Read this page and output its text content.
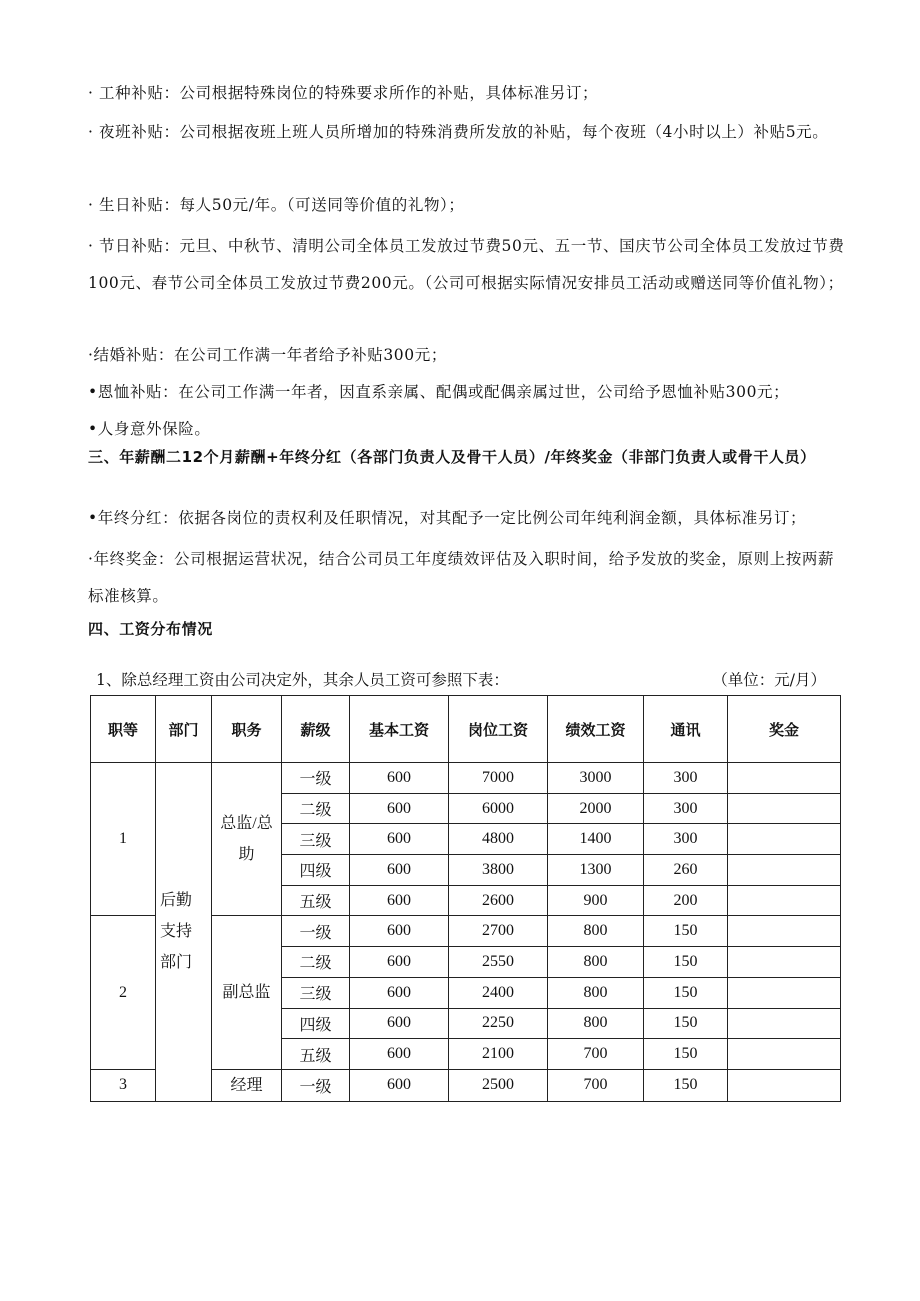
· 工种补贴：公司根据特殊岗位的特殊要求所作的补贴，具体标准另订；
· 夜班补贴：公司根据夜班上班人员所增加的特殊消费所发放的补贴，每个夜班（4小时以上）补贴5元。
· 生日补贴：每人50元/年。（可送同等价值的礼物）；
· 节日补贴：元旦、中秋节、清明公司全体员工发放过节费50元、五一节、国庆节公司全体员工发放过节费100元、春节公司全体员工发放过节费200元。（公司可根据实际情况安排员工活动或赠送同等价值礼物）；
·结婚补贴：在公司工作满一年者给予补贴300元；
•恩恤补贴：在公司工作满一年者，因直系亲属、配偶或配偶亲属过世，公司给予恩恤补贴300元；
•人身意外保险。
三、年薪酬二12个月薪酬+年终分红（各部门负责人及骨干人员）/年终奖金（非部门负责人或骨干人员）
•年终分红：依据各岗位的责权利及任职情况，对其配予一定比例公司年纯利润金额，具体标准另订；
·年终奖金：公司根据运营状况，结合公司员工年度绩效评估及入职时间，给予发放的奖金，原则上按两薪标准核算。
四、工资分布情况
1、除总经理工资由公司决定外，其余人员工资可参照下表：	（单位：元/月）
职等	部门	职务	薪级	基本工资	岗位工资	绩效工资	通讯	奖金
1	后勤支持部门	总监/总助	一级	600	7000	3000	300	
			二级	600	6000	2000	300	
			三级	600	4800	1400	300	
			四级	600	3800	1300	260	
			五级	600	2600	900	200	
2		副总监	一级	600	2700	800	150	
			二级	600	2550	800	150	
			三级	600	2400	800	150	
			四级	600	2250	800	150	
			五级	600	2100	700	150	
3		经理	一级	600	2500	700	150	
